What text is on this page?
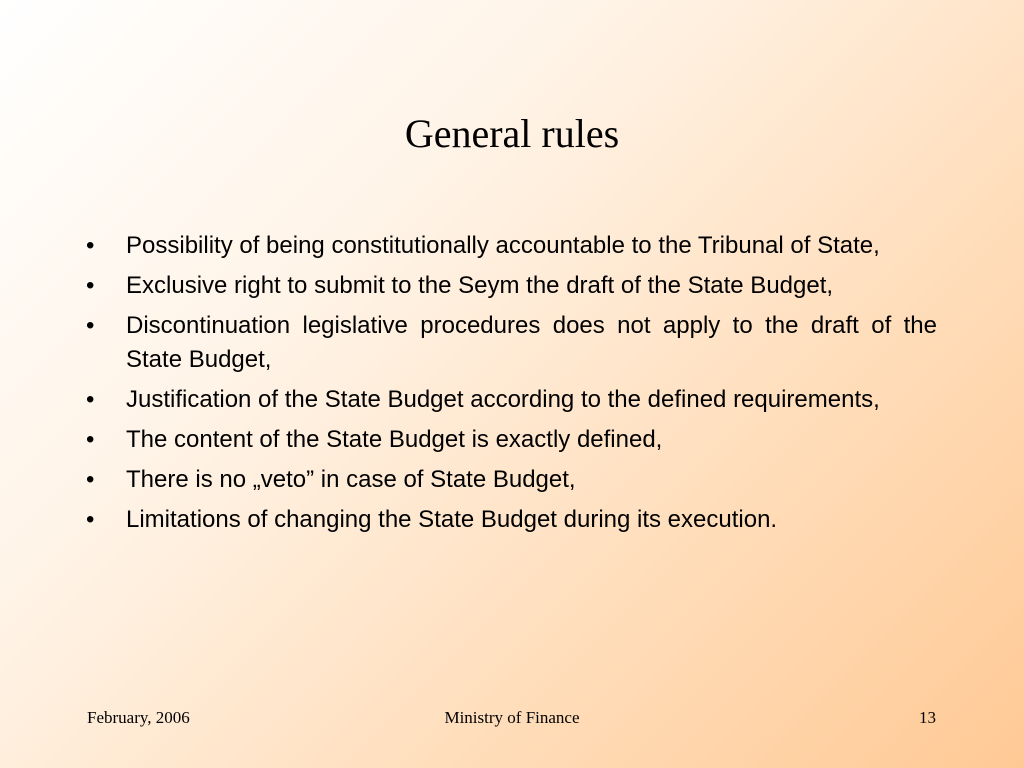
General rules
•	Possibility of being constitutionally accountable to the Tribunal of State,
•	Exclusive right to submit to the Seym the draft of the State Budget,
•	Discontinuation legislative procedures does not apply to the draft of the State Budget,
•	Justification of the State Budget according to the defined requirements,
•	The content of the State Budget is exactly defined,
•	There is no „veto” in case of State Budget,
•	Limitations of changing the State Budget during its execution.
Ministry of Finance
February, 2006	13
